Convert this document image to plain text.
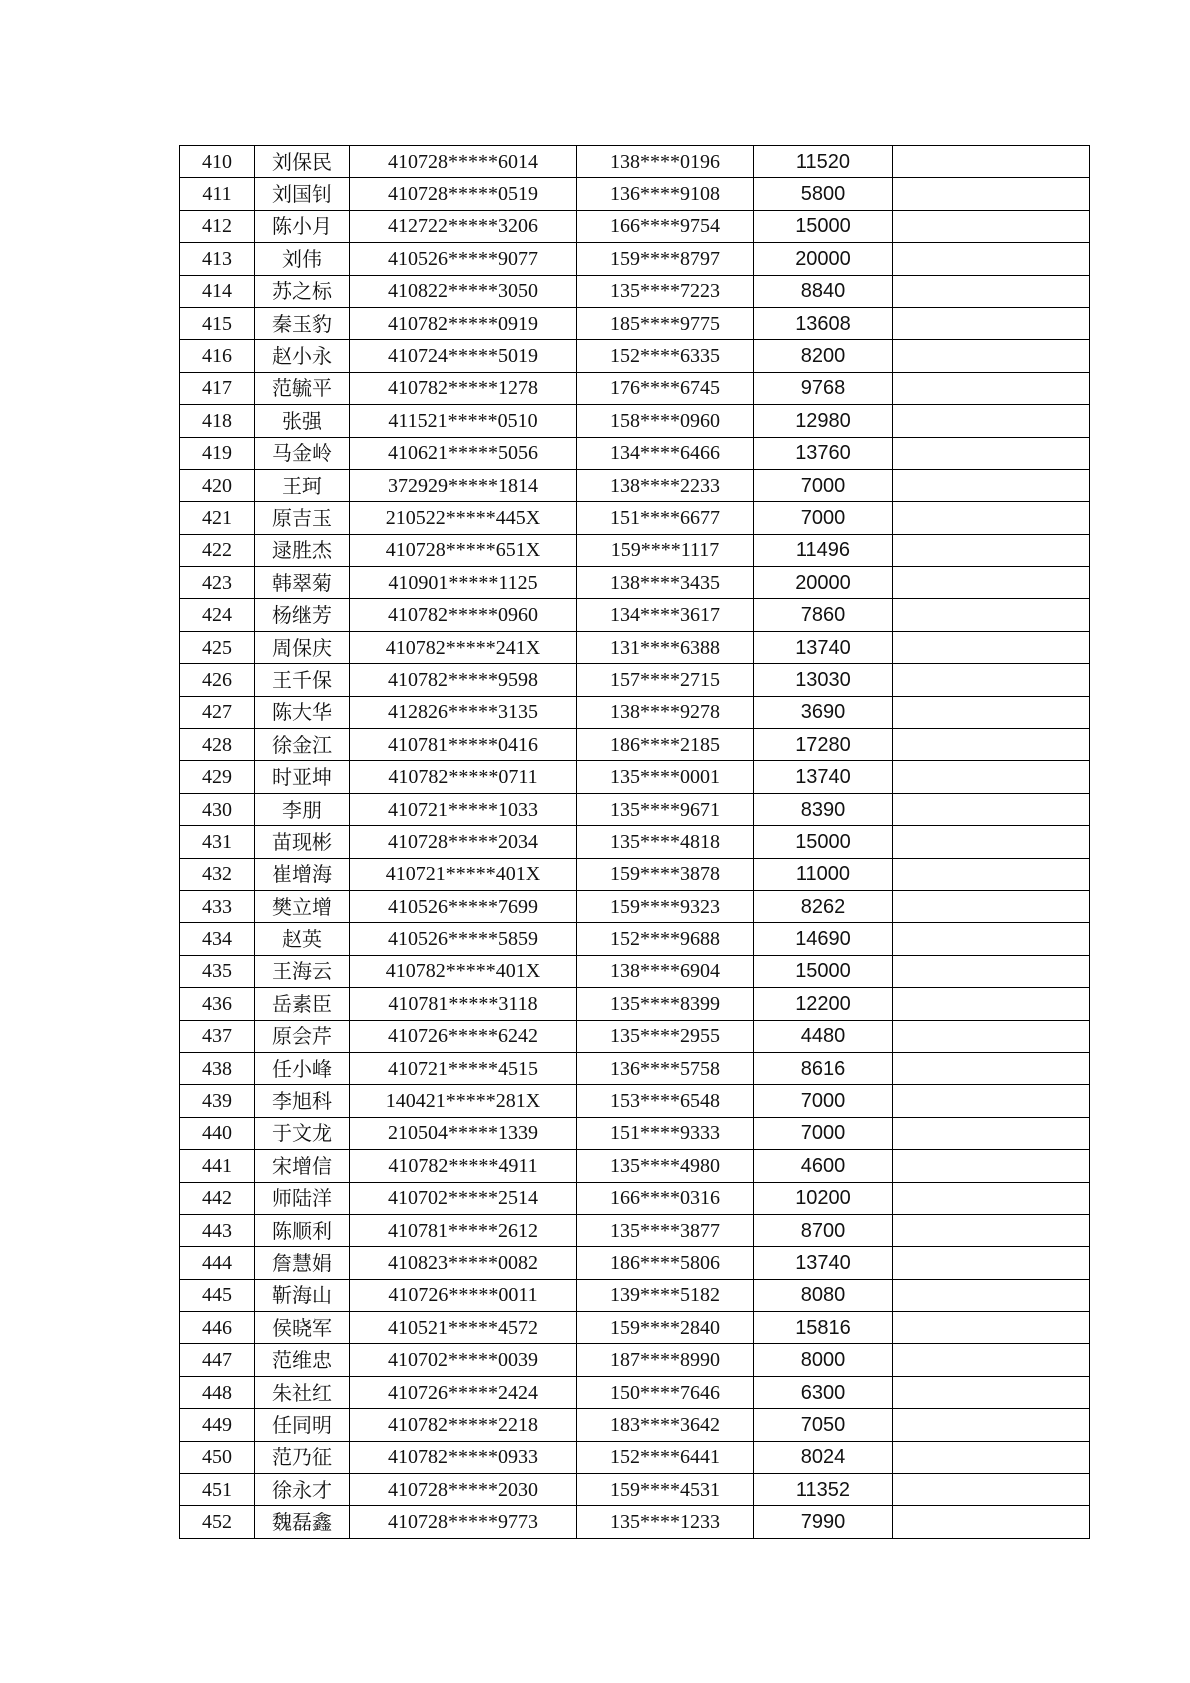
410	刘保民	410728*****6014	138****0196	11520	
411	刘国钊	410728*****0519	136****9108	5800	
412	陈小月	412722*****3206	166****9754	15000	
413	刘伟	410526*****9077	159****8797	20000	
414	苏之标	410822*****3050	135****7223	8840	
415	秦玉豹	410782*****0919	185****9775	13608	
416	赵小永	410724*****5019	152****6335	8200	
417	范毓平	410782*****1278	176****6745	9768	
418	张强	411521*****0510	158****0960	12980	
419	马金岭	410621*****5056	134****6466	13760	
420	王珂	372929*****1814	138****2233	7000	
421	原吉玉	210522*****445X	151****6677	7000	
422	逯胜杰	410728*****651X	159****1117	11496	
423	韩翠菊	410901*****1125	138****3435	20000	
424	杨继芳	410782*****0960	134****3617	7860	
425	周保庆	410782*****241X	131****6388	13740	
426	王千保	410782*****9598	157****2715	13030	
427	陈大华	412826*****3135	138****9278	3690	
428	徐金江	410781*****0416	186****2185	17280	
429	时亚坤	410782*****0711	135****0001	13740	
430	李朋	410721*****1033	135****9671	8390	
431	苗现彬	410728*****2034	135****4818	15000	
432	崔增海	410721*****401X	159****3878	11000	
433	樊立增	410526*****7699	159****9323	8262	
434	赵英	410526*****5859	152****9688	14690	
435	王海云	410782*****401X	138****6904	15000	
436	岳素臣	410781*****3118	135****8399	12200	
437	原会芹	410726*****6242	135****2955	4480	
438	任小峰	410721*****4515	136****5758	8616	
439	李旭科	140421*****281X	153****6548	7000	
440	于文龙	210504*****1339	151****9333	7000	
441	宋增信	410782*****4911	135****4980	4600	
442	师陆洋	410702*****2514	166****0316	10200	
443	陈顺利	410781*****2612	135****3877	8700	
444	詹慧娟	410823*****0082	186****5806	13740	
445	靳海山	410726*****0011	139****5182	8080	
446	侯晓军	410521*****4572	159****2840	15816	
447	范维忠	410702*****0039	187****8990	8000	
448	朱社红	410726*****2424	150****7646	6300	
449	任同明	410782*****2218	183****3642	7050	
450	范乃征	410782*****0933	152****6441	8024	
451	徐永才	410728*****2030	159****4531	11352	
452	魏磊鑫	410728*****9773	135****1233	7990	
